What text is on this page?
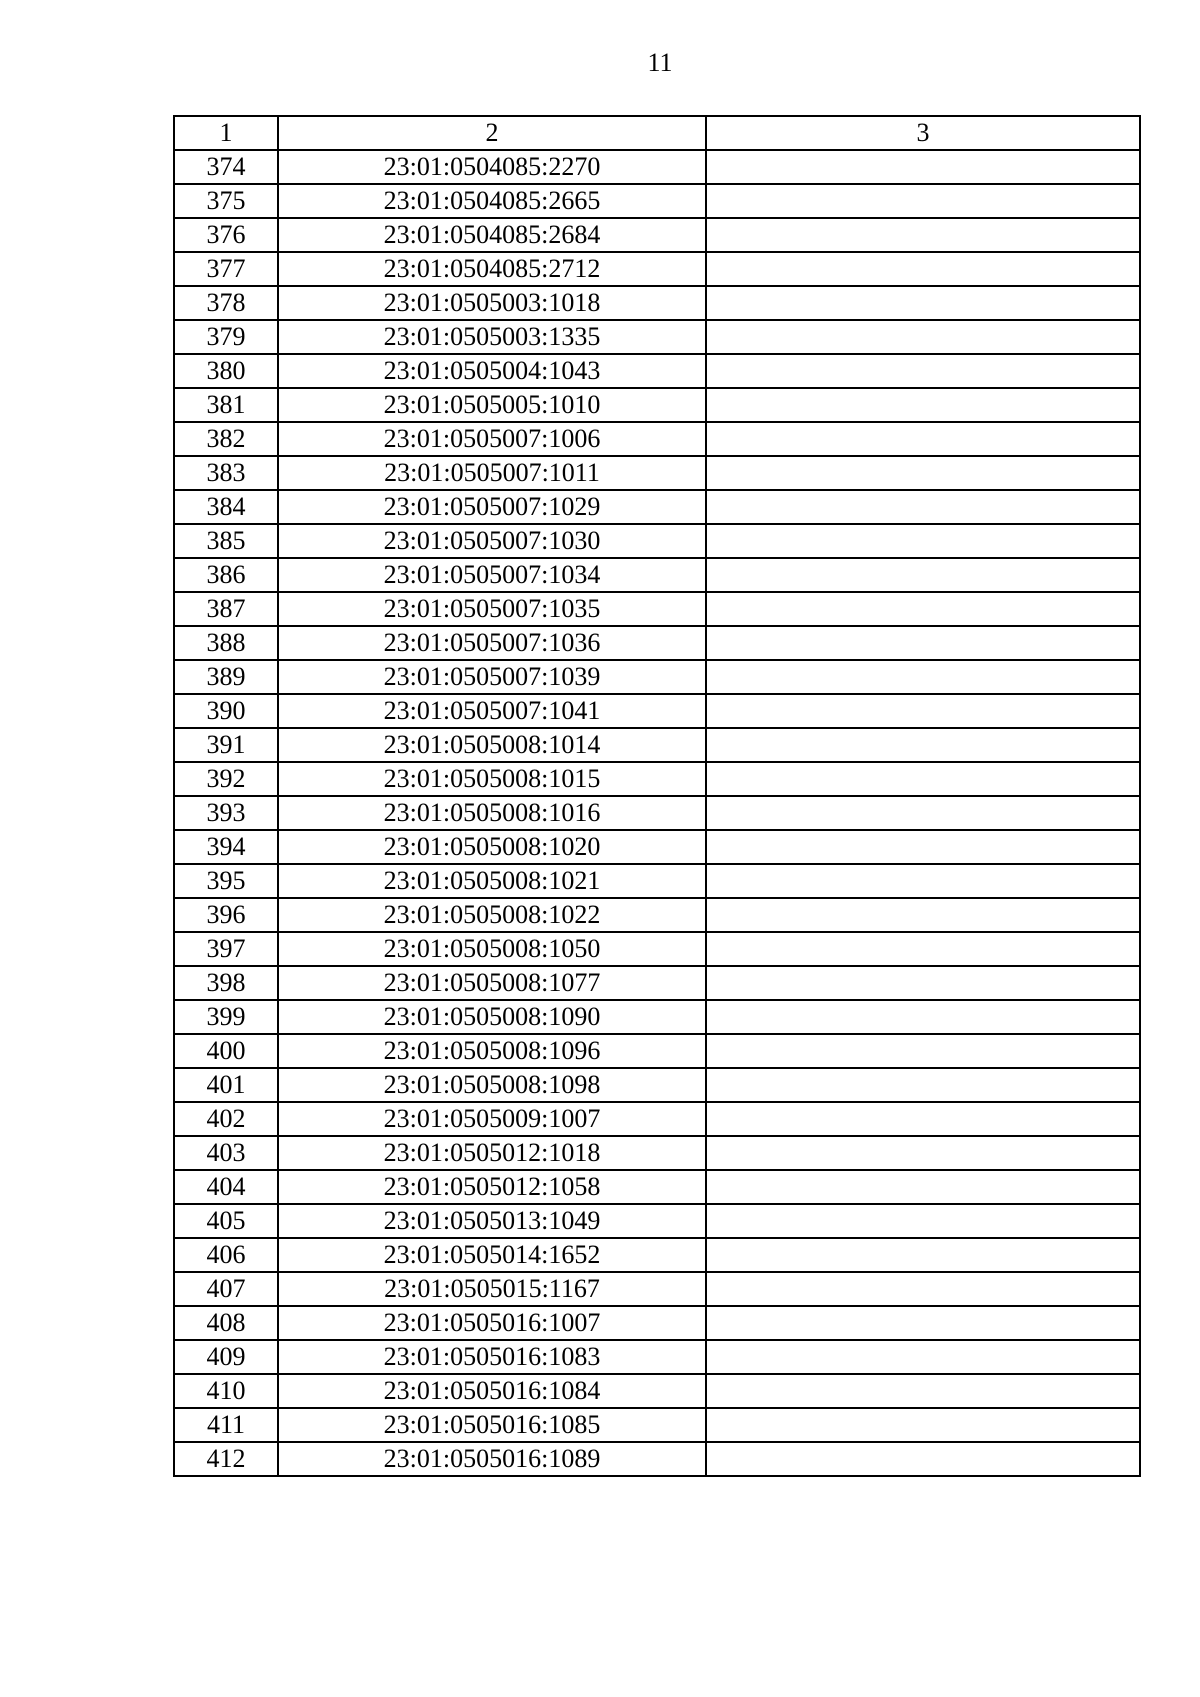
11
1	2	3
374	23:01:0504085:2270	
375	23:01:0504085:2665	
376	23:01:0504085:2684	
377	23:01:0504085:2712	
378	23:01:0505003:1018	
379	23:01:0505003:1335	
380	23:01:0505004:1043	
381	23:01:0505005:1010	
382	23:01:0505007:1006	
383	23:01:0505007:1011	
384	23:01:0505007:1029	
385	23:01:0505007:1030	
386	23:01:0505007:1034	
387	23:01:0505007:1035	
388	23:01:0505007:1036	
389	23:01:0505007:1039	
390	23:01:0505007:1041	
391	23:01:0505008:1014	
392	23:01:0505008:1015	
393	23:01:0505008:1016	
394	23:01:0505008:1020	
395	23:01:0505008:1021	
396	23:01:0505008:1022	
397	23:01:0505008:1050	
398	23:01:0505008:1077	
399	23:01:0505008:1090	
400	23:01:0505008:1096	
401	23:01:0505008:1098	
402	23:01:0505009:1007	
403	23:01:0505012:1018	
404	23:01:0505012:1058	
405	23:01:0505013:1049	
406	23:01:0505014:1652	
407	23:01:0505015:1167	
408	23:01:0505016:1007	
409	23:01:0505016:1083	
410	23:01:0505016:1084	
411	23:01:0505016:1085	
412	23:01:0505016:1089	
